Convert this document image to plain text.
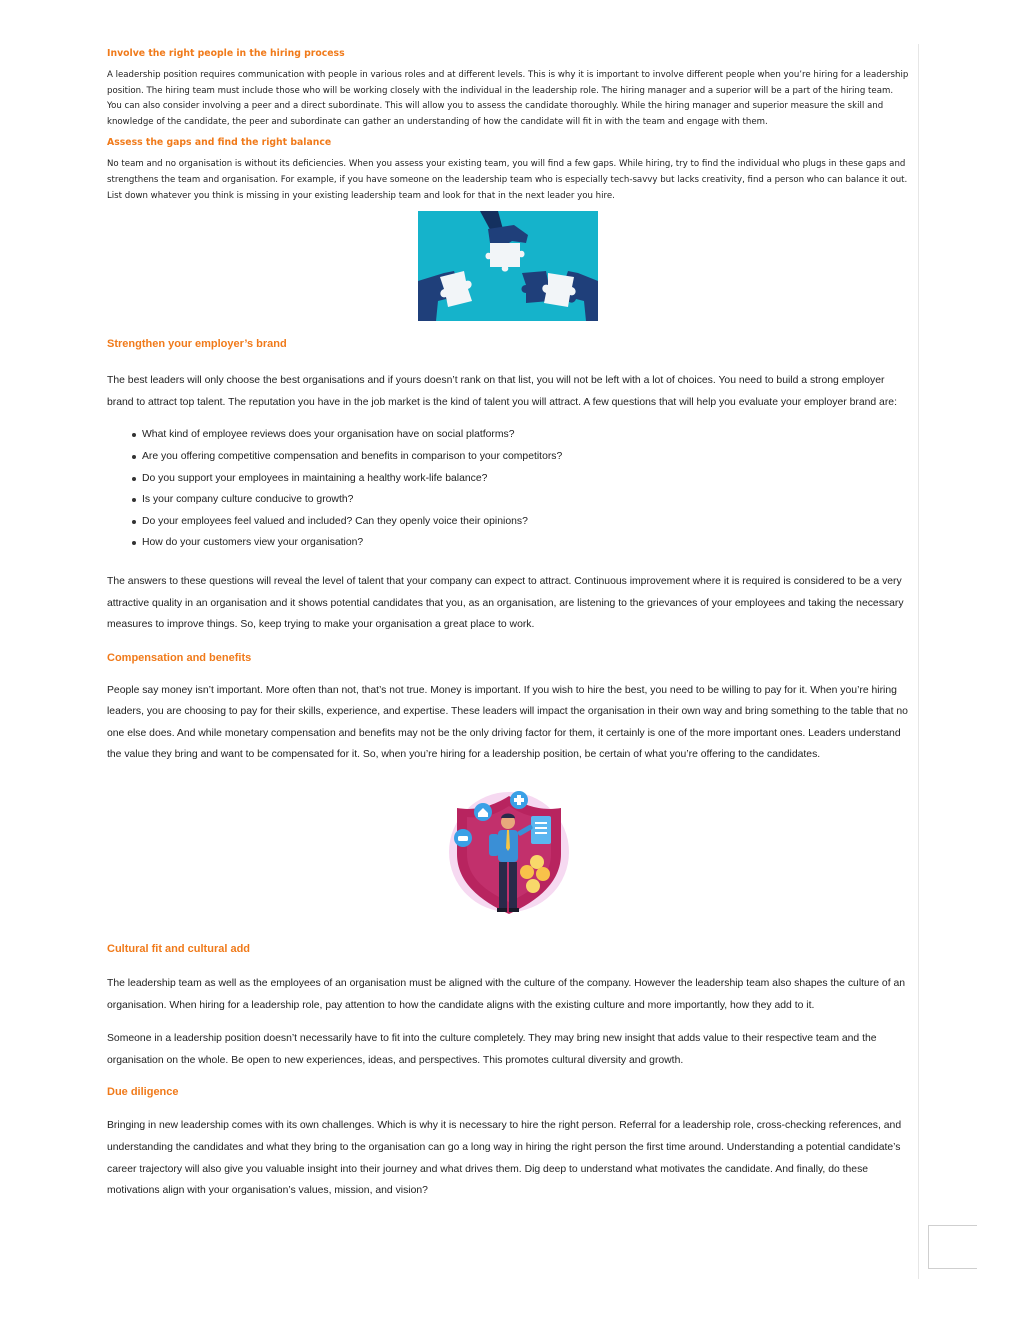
Involve the right people in the hiring process

A leadership position requires communication with people in various roles and at different levels. This is why it is important to involve different people when you’re hiring for a leadership position. The hiring team must include those who will be working closely with the individual in the leadership role. The hiring manager and a superior will be a part of the hiring team. You can also consider involving a peer and a direct subordinate. This will allow you to assess the candidate thoroughly. While the hiring manager and superior measure the skill and knowledge of the candidate, the peer and subordinate can gather an understanding of how the candidate will fit in with the team and engage with them.

Assess the gaps and find the right balance

No team and no organisation is without its deficiencies. When you assess your existing team, you will find a few gaps. While hiring, try to find the individual who plugs in these gaps and strengthens the team and organisation. For example, if you have someone on the leadership team who is especially tech-savvy but lacks creativity, find a person who can balance it out. List down whatever you think is missing in your existing leadership team and look for that in the next leader you hire.

Strengthen your employer’s brand

The best leaders will only choose the best organisations and if yours doesn’t rank on that list, you will not be left with a lot of choices. You need to build a strong employer brand to attract top talent. The reputation you have in the job market is the kind of talent you will attract. A few questions that will help you evaluate your employer brand are:

What kind of employee reviews does your organisation have on social platforms?
Are you offering competitive compensation and benefits in comparison to your competitors?
Do you support your employees in maintaining a healthy work-life balance?
Is your company culture conducive to growth?
Do your employees feel valued and included? Can they openly voice their opinions?
How do your customers view your organisation?

The answers to these questions will reveal the level of talent that your company can expect to attract. Continuous improvement where it is required is considered to be a very attractive quality in an organisation and it shows potential candidates that you, as an organisation, are listening to the grievances of your employees and taking the necessary measures to improve things. So, keep trying to make your organisation a great place to work.

Compensation and benefits

People say money isn’t important. More often than not, that’s not true. Money is important. If you wish to hire the best, you need to be willing to pay for it. When you’re hiring leaders, you are choosing to pay for their skills, experience, and expertise. These leaders will impact the organisation in their own way and bring something to the table that no one else does. And while monetary compensation and benefits may not be the only driving factor for them, it certainly is one of the more important ones. Leaders understand the value they bring and want to be compensated for it. So, when you’re hiring for a leadership position, be certain of what you’re offering to the candidates.

Cultural fit and cultural add

The leadership team as well as the employees of an organisation must be aligned with the culture of the company. However the leadership team also shapes the culture of an organisation. When hiring for a leadership role, pay attention to how the candidate aligns with the existing culture and more importantly, how they add to it.

Someone in a leadership position doesn’t necessarily have to fit into the culture completely. They may bring new insight that adds value to their respective team and the organisation on the whole. Be open to new experiences, ideas, and perspectives. This promotes cultural diversity and growth.

Due diligence

Bringing in new leadership comes with its own challenges. Which is why it is necessary to hire the right person. Referral for a leadership role, cross-checking references, and understanding the candidates and what they bring to the organisation can go a long way in hiring the right person the first time around. Understanding a potential candidate’s career trajectory will also give you valuable insight into their journey and what drives them. Dig deep to understand what motivates the candidate. And finally, do these motivations align with your organisation’s values, mission, and vision?
